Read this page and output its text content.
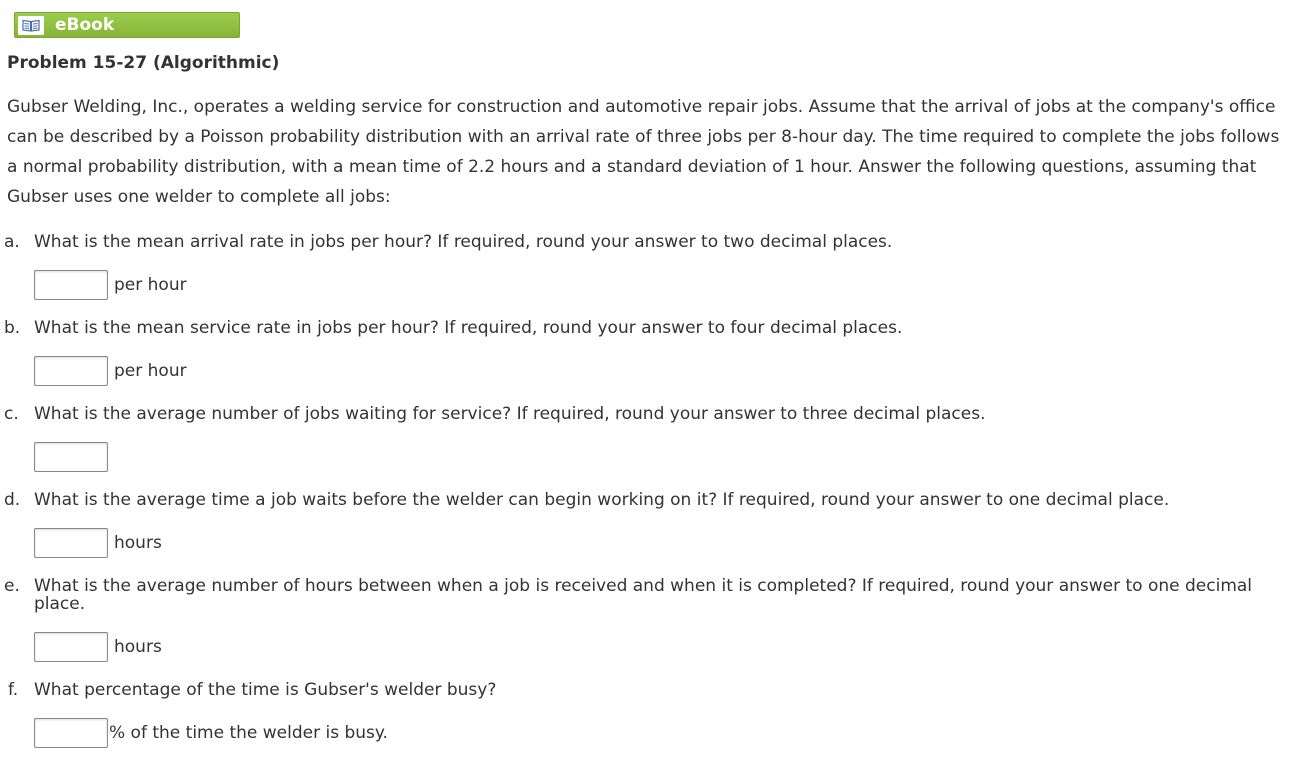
eBook
Problem 15-27 (Algorithmic)

Gubser Welding, Inc., operates a welding service for construction and automotive repair jobs. Assume that the arrival of jobs at the company's office can be described by a Poisson probability distribution with an arrival rate of three jobs per 8-hour day. The time required to complete the jobs follows a normal probability distribution, with a mean time of 2.2 hours and a standard deviation of 1 hour. Answer the following questions, assuming that Gubser uses one welder to complete all jobs:

a. What is the mean arrival rate in jobs per hour? If required, round your answer to two decimal places.
per hour
b. What is the mean service rate in jobs per hour? If required, round your answer to four decimal places.
per hour
c. What is the average number of jobs waiting for service? If required, round your answer to three decimal places.
d. What is the average time a job waits before the welder can begin working on it? If required, round your answer to one decimal place.
hours
e. What is the average number of hours between when a job is received and when it is completed? If required, round your answer to one decimal place.
hours
f. What percentage of the time is Gubser's welder busy?
% of the time the welder is busy.
